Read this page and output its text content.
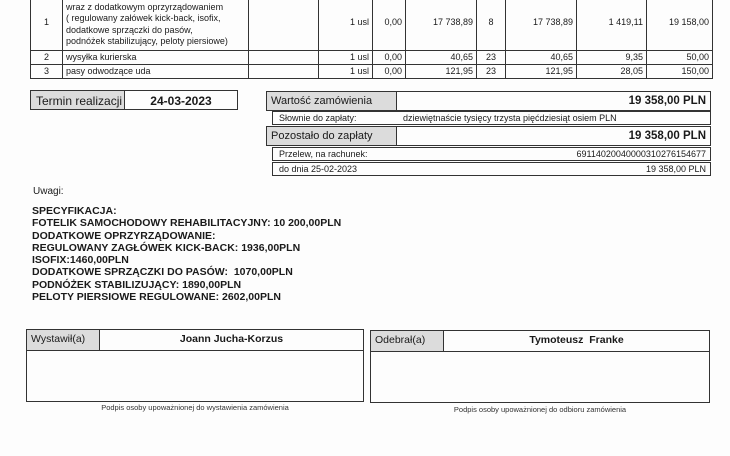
1	wraz z dodatkowym oprzyrządowaniem
( regulowany załówek kick-back, isofix,
dodatkowe sprzączki do pasów,
podnóżek stabilizujący, peloty piersiowe)		1 usl	0,00	17 738,89	8	17 738,89	1 419,11	19 158,00
2	wysyłka kurierska		1 usl	0,00	40,65	23	40,65	9,35	50,00
3	pasy odwodzące uda		1 usl	0,00	121,95	23	121,95	28,05	150,00
Termin realizacji	24-03-2023	Wartość zamówienia	19 358,00 PLN
Słownie do zapłaty:	dziewiętnaście tysięcy trzysta pięćdziesiąt osiem PLN
Pozostało do zapłaty	19 358,00 PLN
Przelew, na rachunek:	69114020040000310276154677
do dnia 25-02-2023	19 358,00 PLN
Uwagi:
SPECYFIKACJA:
FOTELIK SAMOCHODOWY REHABILITACYJNY: 10 200,00PLN
DODATKOWE OPRZYRZĄDOWANIE:
REGULOWANY ZAGŁÓWEK KICK-BACK: 1936,00PLN
ISOFIX:1460,00PLN
DODATKOWE SPRZĄCZKI DO PASÓW:  1070,00PLN
PODNÓŻEK STABILIZUJĄCY: 1890,00PLN
PELOTY PIERSIOWE REGULOWANE: 2602,00PLN
Wystawił(a)	Joann Jucha-Korzus
Podpis osoby upoważnionej do wystawienia zamówienia
Odebrał(a)	Tymoteusz  Franke
Podpis osoby upoważnionej do odbioru zamówienia
